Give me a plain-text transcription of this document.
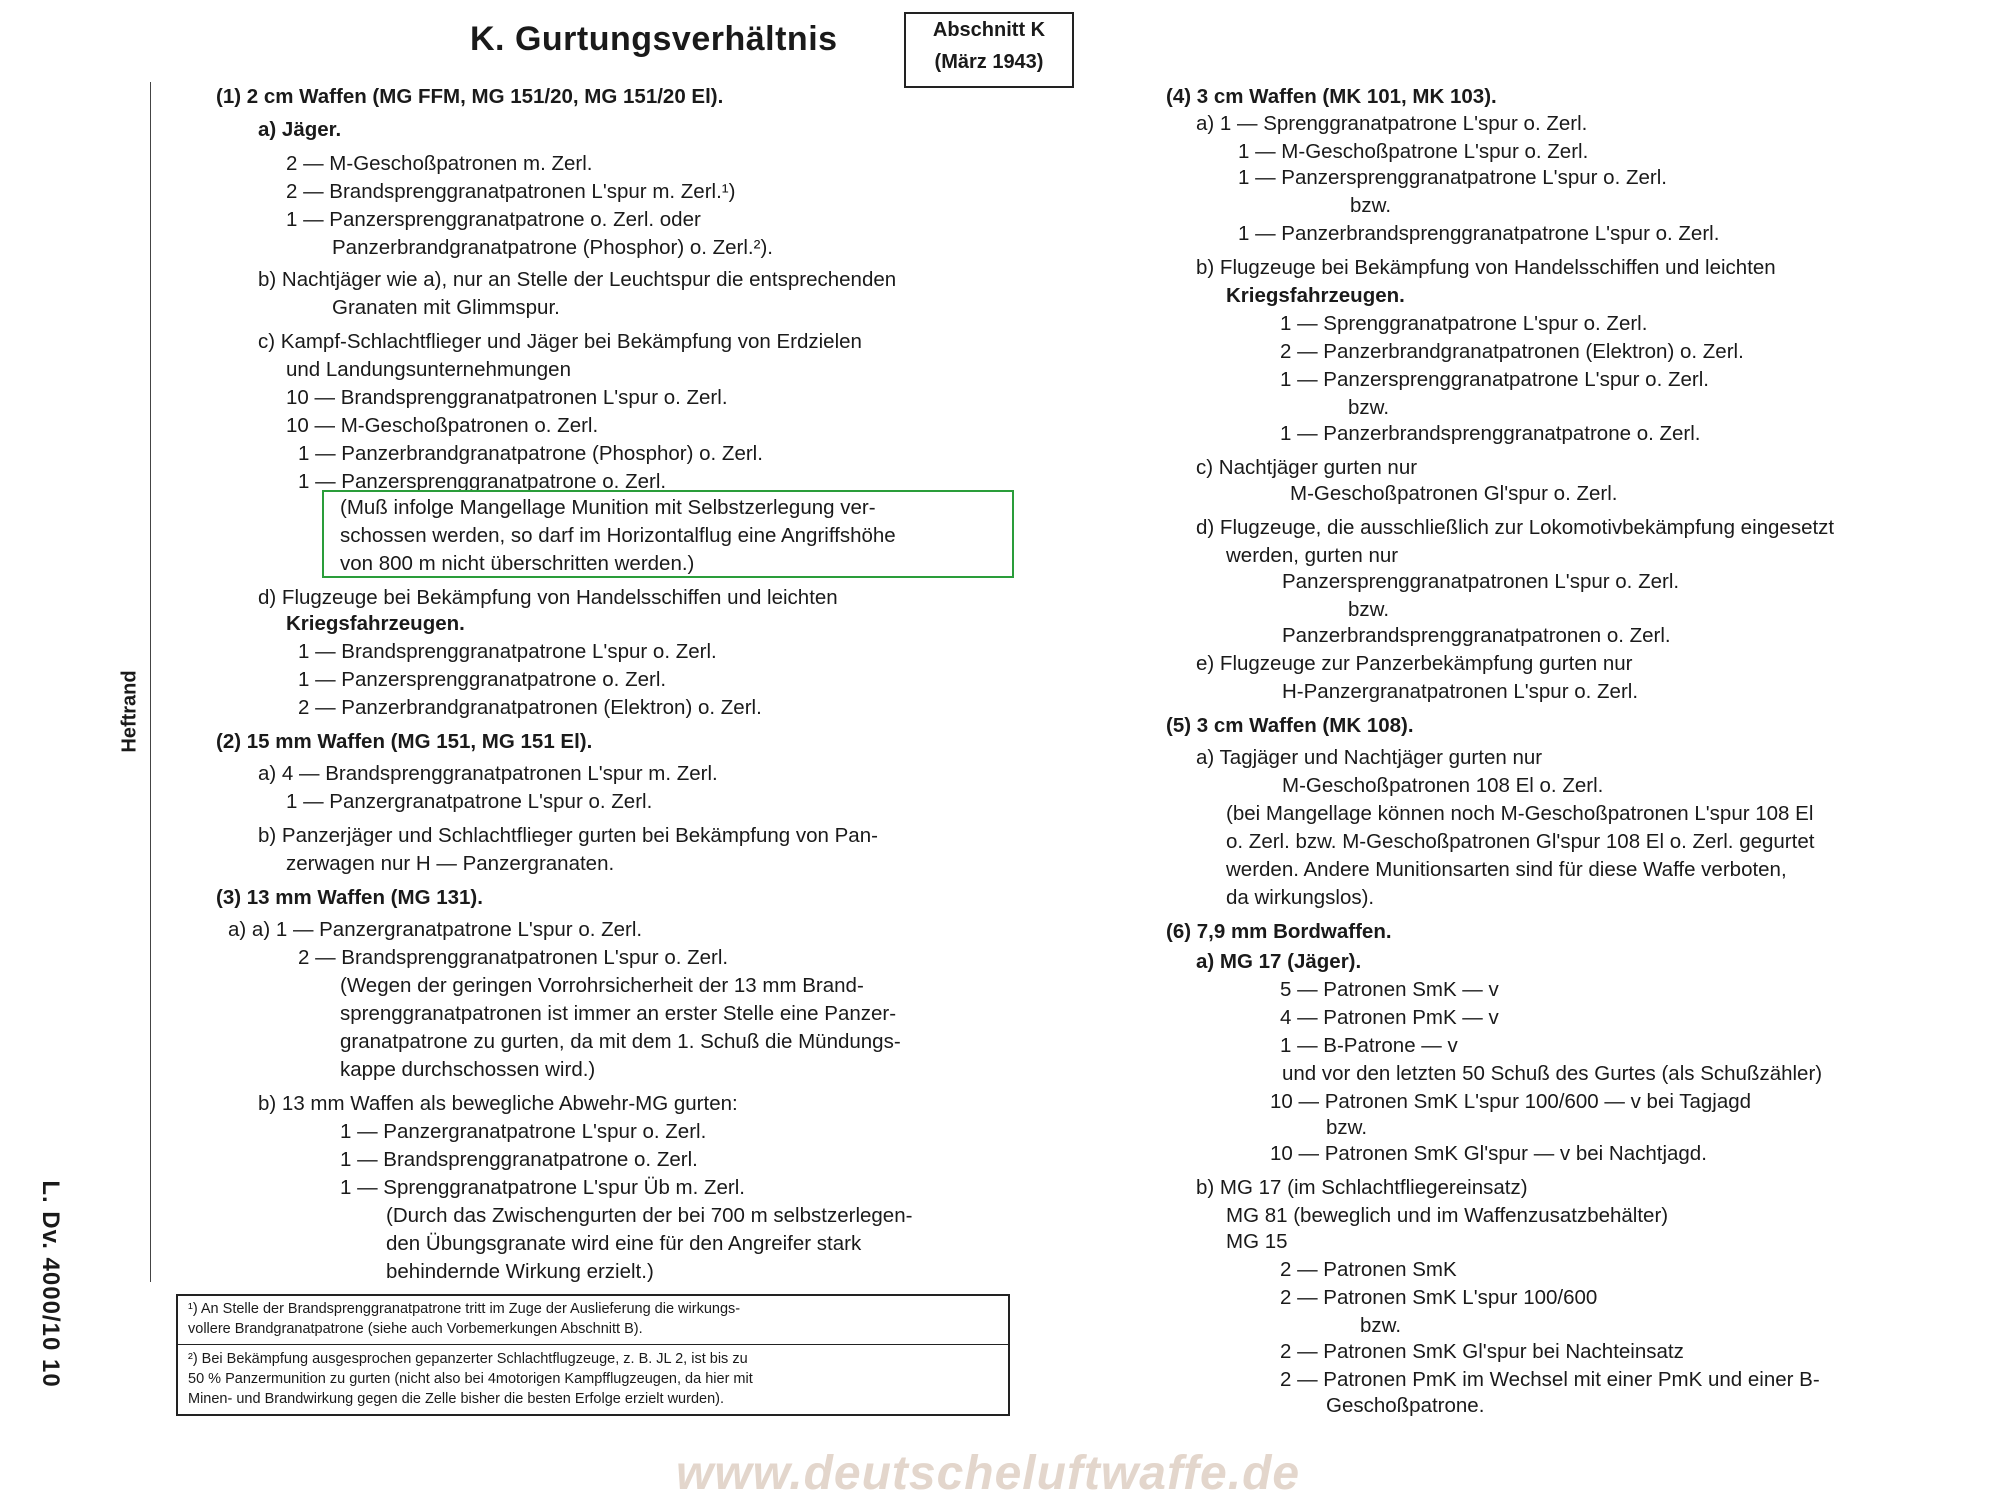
K. Gurtungsverhältnis	Abschnitt K
(März 1943)
Heftrand
L. Dv. 4000/10 10
(1) 2 cm Waffen (MG FFM, MG 151/20, MG 151/20 El).
a) Jäger.
2 — M-Geschoßpatronen m. Zerl.
2 — Brandsprenggranatpatronen L'spur m. Zerl.¹)
1 — Panzersprenggranatpatrone o. Zerl. oder
Panzerbrandgranatpatrone (Phosphor) o. Zerl.²).
b) Nachtjäger wie a), nur an Stelle der Leuchtspur die entsprechenden
Granaten mit Glimmspur.
c) Kampf-Schlachtflieger und Jäger bei Bekämpfung von Erdzielen
und Landungsunternehmungen
10 — Brandsprenggranatpatronen L'spur o. Zerl.
10 — M-Geschoßpatronen o. Zerl.
1 — Panzerbrandgranatpatrone (Phosphor) o. Zerl.
1 — Panzersprenggranatpatrone o. Zerl.
(Muß infolge Mangellage Munition mit Selbstzerlegung ver-
schossen werden, so darf im Horizontalflug eine Angriffshöhe
von 800 m nicht überschritten werden.)
d) Flugzeuge bei Bekämpfung von Handelsschiffen und leichten
Kriegsfahrzeugen.
1 — Brandsprenggranatpatrone L'spur o. Zerl.
1 — Panzersprenggranatpatrone o. Zerl.
2 — Panzerbrandgranatpatronen (Elektron) o. Zerl.
(2) 15 mm Waffen (MG 151, MG 151 El).
a) 4 — Brandsprenggranatpatronen L'spur m. Zerl.
1 — Panzergranatpatrone L'spur o. Zerl.
b) Panzerjäger und Schlachtflieger gurten bei Bekämpfung von Pan-
zerwagen nur H — Panzergranaten.
(3) 13 mm Waffen (MG 131).
a) a) 1 — Panzergranatpatrone L'spur o. Zerl.
2 — Brandsprenggranatpatronen L'spur o. Zerl.
(Wegen der geringen Vorrohrsicherheit der 13 mm Brand-
sprenggranatpatronen ist immer an erster Stelle eine Panzer-
granatpatrone zu gurten, da mit dem 1. Schuß die Mündungs-
kappe durchschossen wird.)
b) 13 mm Waffen als bewegliche Abwehr-MG gurten:
1 — Panzergranatpatrone L'spur o. Zerl.
1 — Brandsprenggranatpatrone o. Zerl.
1 — Sprenggranatpatrone L'spur Üb m. Zerl.
(Durch das Zwischengurten der bei 700 m selbstzerlegen-
den Übungsgranate wird eine für den Angreifer stark
behindernde Wirkung erzielt.)
(4) 3 cm Waffen (MK 101, MK 103).
a) 1 — Sprenggranatpatrone L'spur o. Zerl.
1 — M-Geschoßpatrone L'spur o. Zerl.
1 — Panzersprenggranatpatrone L'spur o. Zerl.
bzw.
1 — Panzerbrandsprenggranatpatrone L'spur o. Zerl.
b) Flugzeuge bei Bekämpfung von Handelsschiffen und leichten
Kriegsfahrzeugen.
1 — Sprenggranatpatrone L'spur o. Zerl.
2 — Panzerbrandgranatpatronen (Elektron) o. Zerl.
1 — Panzersprenggranatpatrone L'spur o. Zerl.
bzw.
1 — Panzerbrandsprenggranatpatrone o. Zerl.
c) Nachtjäger gurten nur
M-Geschoßpatronen Gl'spur o. Zerl.
d) Flugzeuge, die ausschließlich zur Lokomotivbekämpfung eingesetzt
werden, gurten nur
Panzersprenggranatpatronen L'spur o. Zerl.
bzw.
Panzerbrandsprenggranatpatronen o. Zerl.
e) Flugzeuge zur Panzerbekämpfung gurten nur
H-Panzergranatpatronen L'spur o. Zerl.
(5) 3 cm Waffen (MK 108).
a) Tagjäger und Nachtjäger gurten nur
M-Geschoßpatronen 108 El o. Zerl.
(bei Mangellage können noch M-Geschoßpatronen L'spur 108 El
o. Zerl. bzw. M-Geschoßpatronen Gl'spur 108 El o. Zerl. gegurtet
werden. Andere Munitionsarten sind für diese Waffe verboten,
da wirkungslos).
(6) 7,9 mm Bordwaffen.
a) MG 17 (Jäger).
5 — Patronen SmK — v
4 — Patronen PmK — v
1 — B-Patrone — v
und vor den letzten 50 Schuß des Gurtes (als Schußzähler)
10 — Patronen SmK L'spur 100/600 — v bei Tagjagd
bzw.
10 — Patronen SmK Gl'spur — v bei Nachtjagd.
b) MG 17 (im Schlachtfliegereinsatz)
MG 81 (beweglich und im Waffenzusatzbehälter)
MG 15
2 — Patronen SmK
2 — Patronen SmK L'spur 100/600
bzw.
2 — Patronen SmK Gl'spur bei Nachteinsatz
2 — Patronen PmK im Wechsel mit einer PmK und einer B-
Geschoßpatrone.
¹) An Stelle der Brandsprenggranatpatrone tritt im Zuge der Auslieferung die wirkungs-
vollere Brandgranatpatrone (siehe auch Vorbemerkungen Abschnitt B).
²) Bei Bekämpfung ausgesprochen gepanzerter Schlachtflugzeuge, z. B. JL 2, ist bis zu
50 % Panzermunition zu gurten (nicht also bei 4motorigen Kampfflugzeugen, da hier mit
Minen- und Brandwirkung gegen die Zelle bisher die besten Erfolge erzielt wurden).
www.deutscheluftwaffe.de
